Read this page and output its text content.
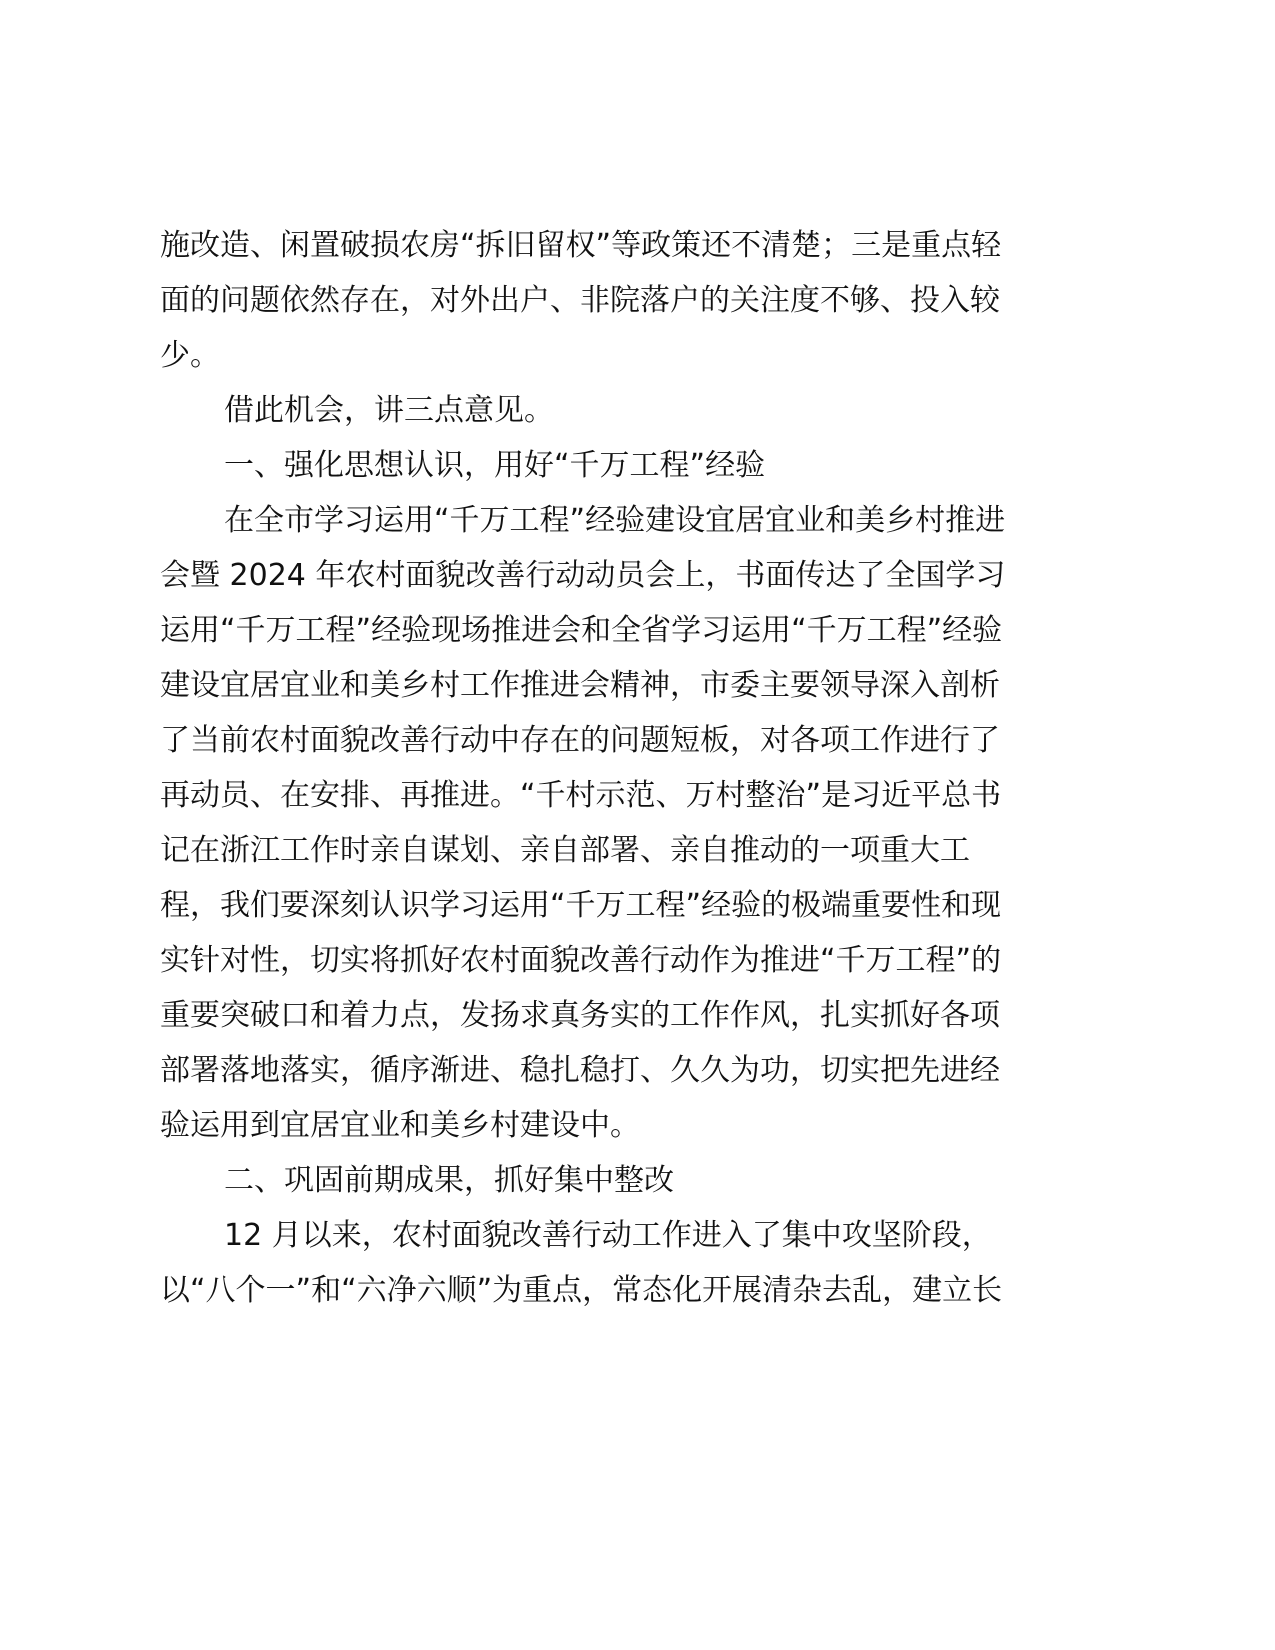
施改造、闲置破损农房“拆旧留权”等政策还不清楚；三是重点轻
面的问题依然存在，对外出户、非院落户的关注度不够、投入较
少。
借此机会，讲三点意见。
一、强化思想认识，用好“千万工程”经验
在全市学习运用“千万工程”经验建设宜居宜业和美乡村推进
会暨 2024 年农村面貌改善行动动员会上，书面传达了全国学习
运用“千万工程”经验现场推进会和全省学习运用“千万工程”经验
建设宜居宜业和美乡村工作推进会精神，市委主要领导深入剖析
了当前农村面貌改善行动中存在的问题短板，对各项工作进行了
再动员、在安排、再推进。“千村示范、万村整治”是习近平总书
记在浙江工作时亲自谋划、亲自部署、亲自推动的一项重大工
程，我们要深刻认识学习运用“千万工程”经验的极端重要性和现
实针对性，切实将抓好农村面貌改善行动作为推进“千万工程”的
重要突破口和着力点，发扬求真务实的工作作风，扎实抓好各项
部署落地落实，循序渐进、稳扎稳打、久久为功，切实把先进经
验运用到宜居宜业和美乡村建设中。
二、巩固前期成果，抓好集中整改
12 月以来，农村面貌改善行动工作进入了集中攻坚阶段，
以“八个一”和“六净六顺”为重点，常态化开展清杂去乱，建立长
